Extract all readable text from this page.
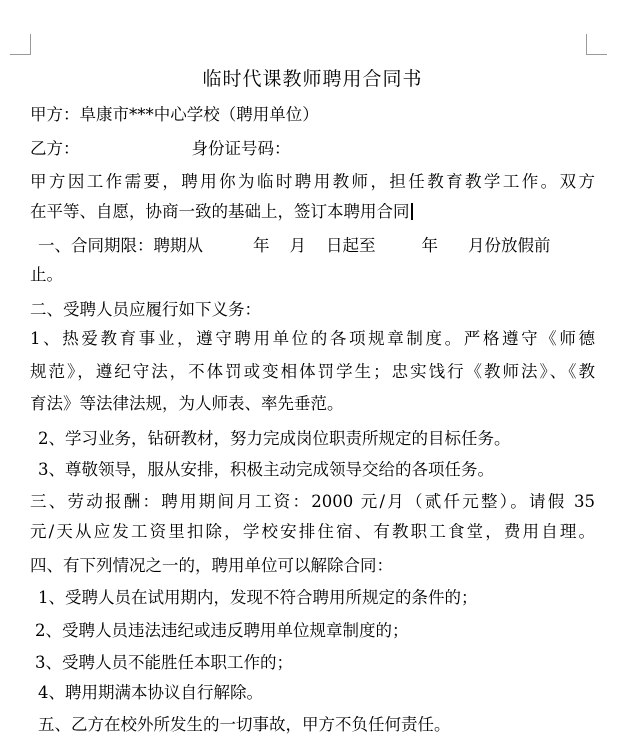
临时代课教师聘用合同书
甲方：阜康市***中心学校（聘用单位）
乙方：	身份证号码：
甲方因工作需要，聘用你为临时聘用教师，担任教育教学工作。双方
在平等、自愿，协商一致的基础上，签订本聘用合同
一、合同期限：聘期从	年 月 日起至	年 月份放假前
止。
二、受聘人员应履行如下义务：
1、热爱教育事业，遵守聘用单位的各项规章制度。严格遵守《师德
规范》，遵纪守法，不体罚或变相体罚学生；忠实饯行《教师法》、《教
育法》等法律法规，为人师表、率先垂范。
2、学习业务，钻研教材，努力完成岗位职责所规定的目标任务。
3、尊敬领导，服从安排，积极主动完成领导交给的各项任务。
三、劳动报酬：聘用期间月工资：2000 元/月（贰仟元整）。请假 35
元/天从应发工资里扣除，学校安排住宿、有教职工食堂，费用自理。
四、有下列情况之一的，聘用单位可以解除合同：
1、受聘人员在试用期内，发现不符合聘用所规定的条件的；
2、受聘人员违法违纪或违反聘用单位规章制度的；
3、受聘人员不能胜任本职工作的；
4、聘用期满本协议自行解除。
五、乙方在校外所发生的一切事故，甲方不负任何责任。
